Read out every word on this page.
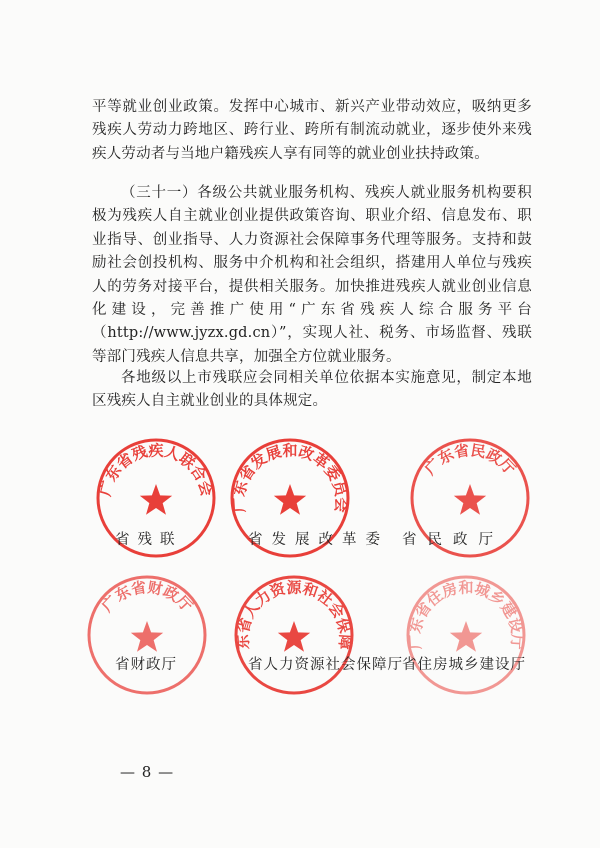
平等就业创业政策。发挥中心城市、新兴产业带动效应，吸纳更多残疾人劳动力跨地区、跨行业、跨所有制流动就业，逐步使外来残疾人劳动者与当地户籍残疾人享有同等的就业创业扶持政策。

（三十一）各级公共就业服务机构、残疾人就业服务机构要积极为残疾人自主就业创业提供政策咨询、职业介绍、信息发布、职业指导、创业指导、人力资源社会保障事务代理等服务。支持和鼓励社会创投机构、服务中介机构和社会组织，搭建用人单位与残疾人的劳务对接平台，提供相关服务。加快推进残疾人就业创业信息化建设，完善推广使用“广东省残疾人综合服务平台（http://www.jyzx.gd.cn）”，实现人社、税务、市场监督、残联等部门残疾人信息共享，加强全方位就业服务。

各地级以上市残联应会同相关单位依据本实施意见，制定本地区残疾人自主就业创业的具体规定。

广东省残疾人联合会
广东省发展和改革委员会
广东省民政厅
广东省财政厅
广东省人力资源和社会保障厅
广东省住房和城乡建设厅
省残联	省发展改革委 省民政厅
省财政厅	省人力资源社会保障厅 省住房城乡建设厅
— 8 —
